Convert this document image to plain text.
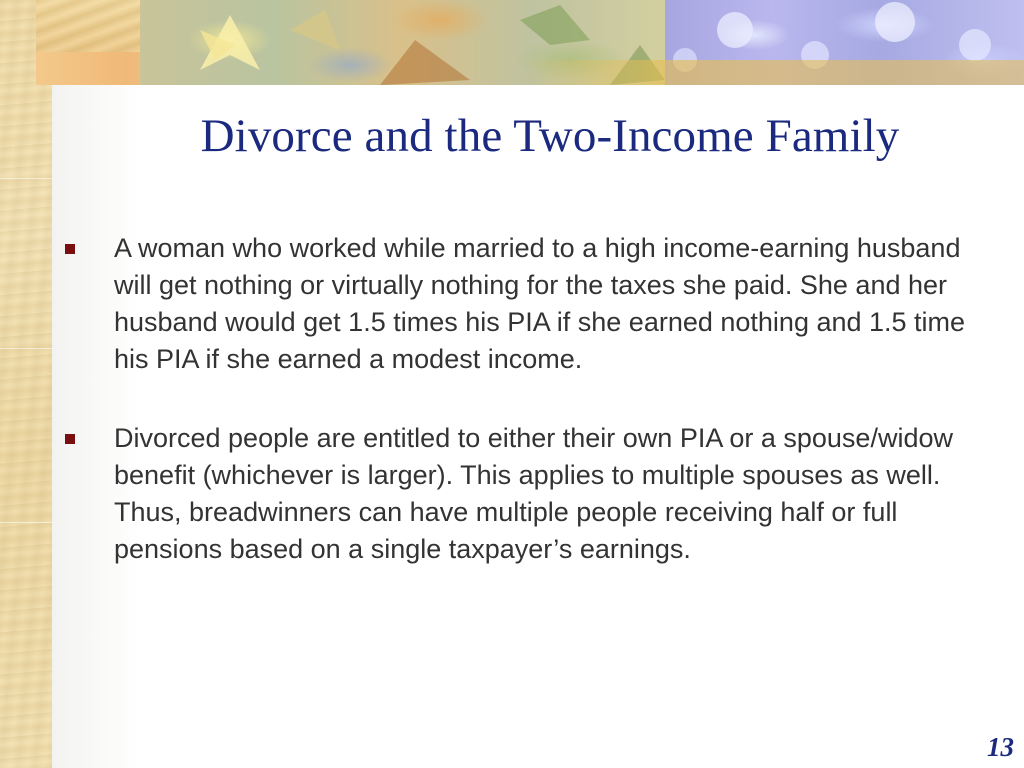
Divorce and the Two-Income Family
A woman who worked while married to a high income-earning husband will get nothing or virtually nothing for the taxes she paid. She and her husband would get 1.5 times his PIA if she earned nothing and 1.5 time his PIA if she earned a modest income.
Divorced people are entitled to either their own PIA or a spouse/widow benefit (whichever is larger). This applies to multiple spouses as well. Thus, breadwinners can have multiple people receiving half or full pensions based on a single taxpayer’s earnings.
13
